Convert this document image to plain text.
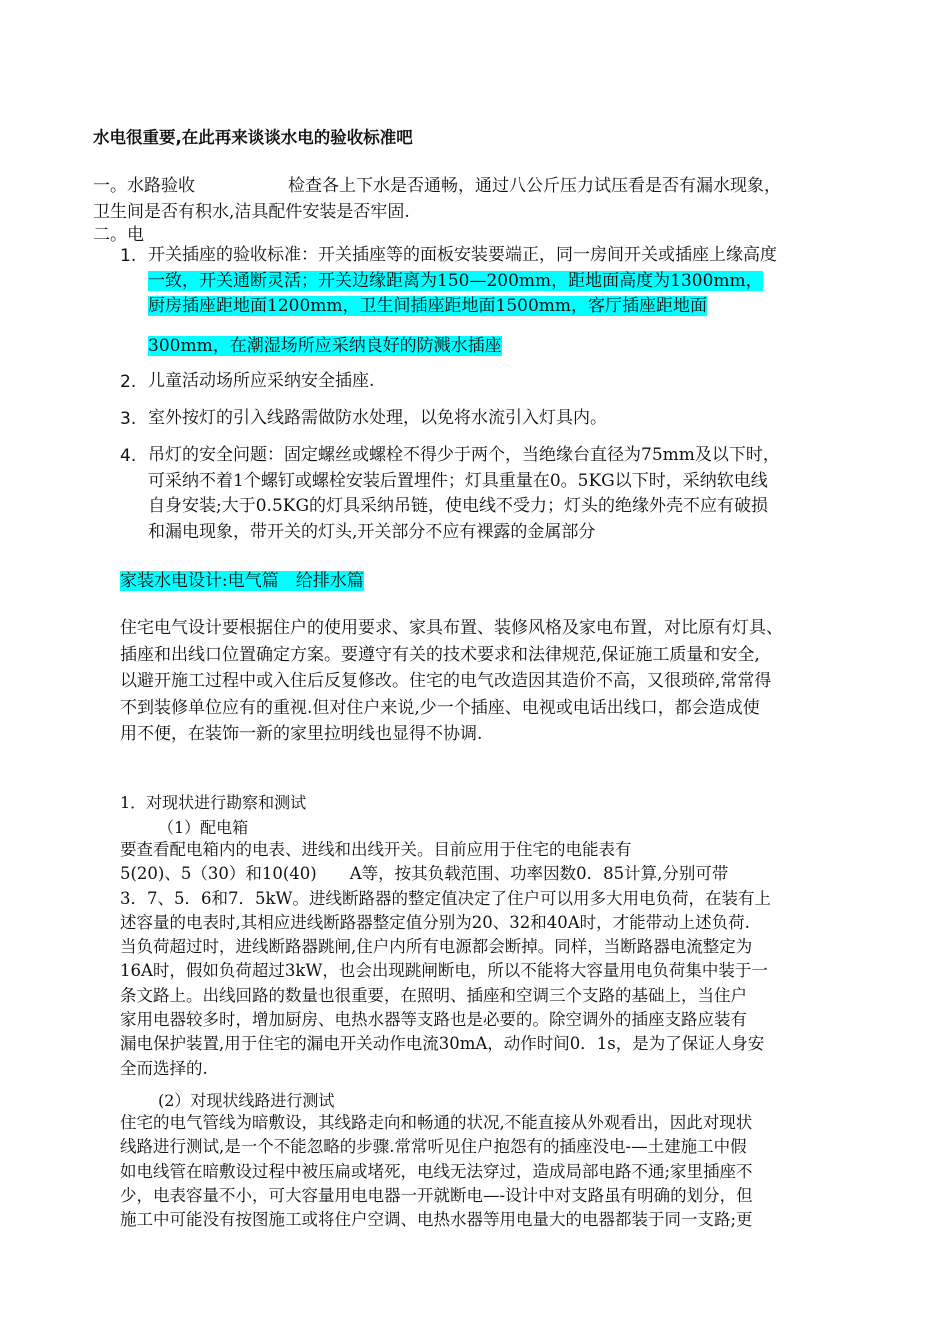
水电很重要,在此再来谈谈水电的验收标准吧
一。水路验收	检查各上下水是否通畅，通过八公斤压力试压看是否有漏水现象，
卫生间是否有积水,洁具配件安装是否牢固.
二。电
1. 开关插座的验收标准：开关插座等的面板安装要端正，同一房间开关或插座上缘高度
一致，开关通断灵活；开关边缘距离为150—200mm，距地面高度为1300mm，
厨房插座距地面1200mm，卫生间插座距地面1500mm，客厅插座距地面
300mm，在潮湿场所应采纳良好的防溅水插座
2. 儿童活动场所应采纳安全插座.
3. 室外按灯的引入线路需做防水处理，以免将水流引入灯具内。
4. 吊灯的安全问题：固定螺丝或螺栓不得少于两个，当绝缘台直径为75mm及以下时，
可采纳不着1个螺钉或螺栓安装后置埋件；灯具重量在0。5KG以下时，采纳软电线
自身安装;大于0.5KG的灯具采纳吊链，使电线不受力；灯头的绝缘外壳不应有破损
和漏电现象，带开关的灯头,开关部分不应有裸露的金属部分
家装水电设计:电气篇　给排水篇
住宅电气设计要根据住户的使用要求、家具布置、装修风格及家电布置，对比原有灯具、
插座和出线口位置确定方案。要遵守有关的技术要求和法律规范,保证施工质量和安全,
以避开施工过程中或入住后反复修改。住宅的电气改造因其造价不高，又很琐碎,常常得
不到装修单位应有的重视.但对住户来说,少一个插座、电视或电话出线口，都会造成使
用不便，在装饰一新的家里拉明线也显得不协调.
1．对现状进行勘察和测试
（1）配电箱
要查看配电箱内的电表、进线和出线开关。目前应用于住宅的电能表有
5(20)、5（30）和10(40)　　A等，按其负载范围、功率因数0．85计算,分别可带
3．7、5．6和7．5kW。进线断路器的整定值决定了住户可以用多大用电负荷，在装有上
述容量的电表时,其相应进线断路器整定值分别为20、32和40A时，才能带动上述负荷.
当负荷超过时，进线断路器跳闸,住户内所有电源都会断掉。同样，当断路器电流整定为
16A时，假如负荷超过3kW，也会出现跳闸断电，所以不能将大容量用电负荷集中装于一
条文路上。出线回路的数量也很重要，在照明、插座和空调三个支路的基础上，当住户
家用电器较多时，增加厨房、电热水器等支路也是必要的。除空调外的插座支路应装有
漏电保护装置,用于住宅的漏电开关动作电流30mA，动作时间0．1s，是为了保证人身安
全而选择的.
(2）对现状线路进行测试
住宅的电气管线为暗敷设，其线路走向和畅通的状况,不能直接从外观看出，因此对现状
线路进行测试,是一个不能忽略的步骤.常常听见住户抱怨有的插座没电-—土建施工中假
如电线管在暗敷设过程中被压扁或堵死，电线无法穿过，造成局部电路不通;家里插座不
少，电表容量不小，可大容量用电电器一开就断电—-设计中对支路虽有明确的划分，但
施工中可能没有按图施工或将住户空调、电热水器等用电量大的电器都装于同一支路;更
